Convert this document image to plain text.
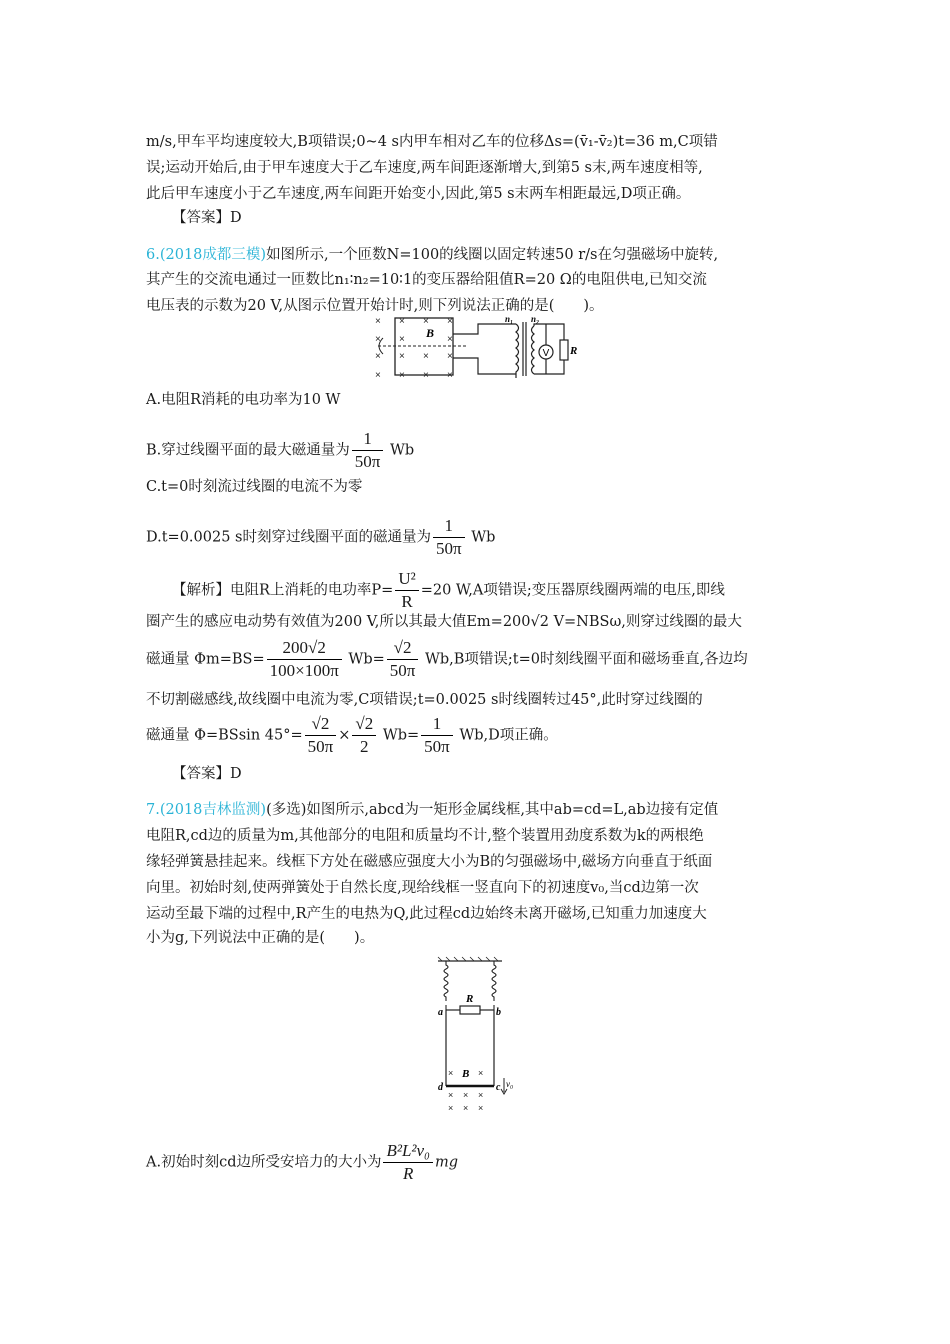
m/s,甲车平均速度较大,B项错误;0~4 s内甲车相对乙车的位移Δs=(v̄₁-v̄₂)t=36 m,C项错
误;运动开始后,由于甲车速度大于乙车速度,两车间距逐渐增大,到第5 s末,两车速度相等,
此后甲车速度小于乙车速度,两车间距开始变小,因此,第5 s末两车相距最远,D项正确。
【答案】D
6.(2018成都三模)如图所示,一个匝数N=100的线圈以固定转速50 r/s在匀强磁场中旋转,
其产生的交流电通过一匝数比n₁∶n₂=10∶1的变压器给阻值R=20 Ω的电阻供电,已知交流
电压表的示数为20 V,从图示位置开始计时,则下列说法正确的是(　　)。
× × × ×
× ×	×
× × × ×
× × × ×
B
V R
n₁ n₂
A.电阻R消耗的电功率为10 W
B.穿过线圈平面的最大磁通量为 $\frac{1}{50\pi}$ Wb
C.t=0时刻流过线圈的电流不为零
D.t=0.0025 s时刻穿过线圈平面的磁通量为 $\frac{1}{50\pi}$ Wb
【解析】电阻R上消耗的电功率$P= \frac{\text{U²}}{R} =20$ W,A项错误;变压器原线圈两端的电压,即线
圈产生的感应电动势有效值为200 V,所以其最大值Em=200√2 V=NBSω,则穿过线圈的最大
磁通量 $\Phi m=BS= \frac{200√2}{100\times 100\pi} Wb= \frac{√2}{50\pi} Wb,B$项错误;t=0时刻线圈平面和磁场垂直,各边均
不切割磁感线,故线圈中电流为零,C项错误;t=0.0025 s时线圈转过45°,此时穿过线圈的
磁通量 Φ=BSsin $45^\circ= \frac{√2}{50\pi} \times \frac{√2}{2} Wb= \frac{1}{50\pi} Wb,D$项正确。
【答案】D
7.(2018吉林监测)(多选)如图所示,abcd为一矩形金属线框,其中ab=cd=L,ab边接有定值
电阻R,cd边的质量为m,其他部分的电阻和质量均不计,整个装置用劲度系数为k的两根绝
缘轻弹簧悬挂起来。线框下方处在磁感应强度大小为B的匀强磁场中,磁场方向垂直于纸面
向里。初始时刻,使两弹簧处于自然长度,现给线框一竖直向下的初速度v₀,当cd边第一次
运动至最下端的过程中,R产生的电热为Q,此过程cd边始终未离开磁场,已知重力加速度大
小为g,下列说法中正确的是(　　)。
R
a	b
×	×
× × ×
× × ×
B
d	c v₀
A.初始时刻cd边所受安培力的大小为 $\frac{\text{B²L²v₀}}{R}$ mg
